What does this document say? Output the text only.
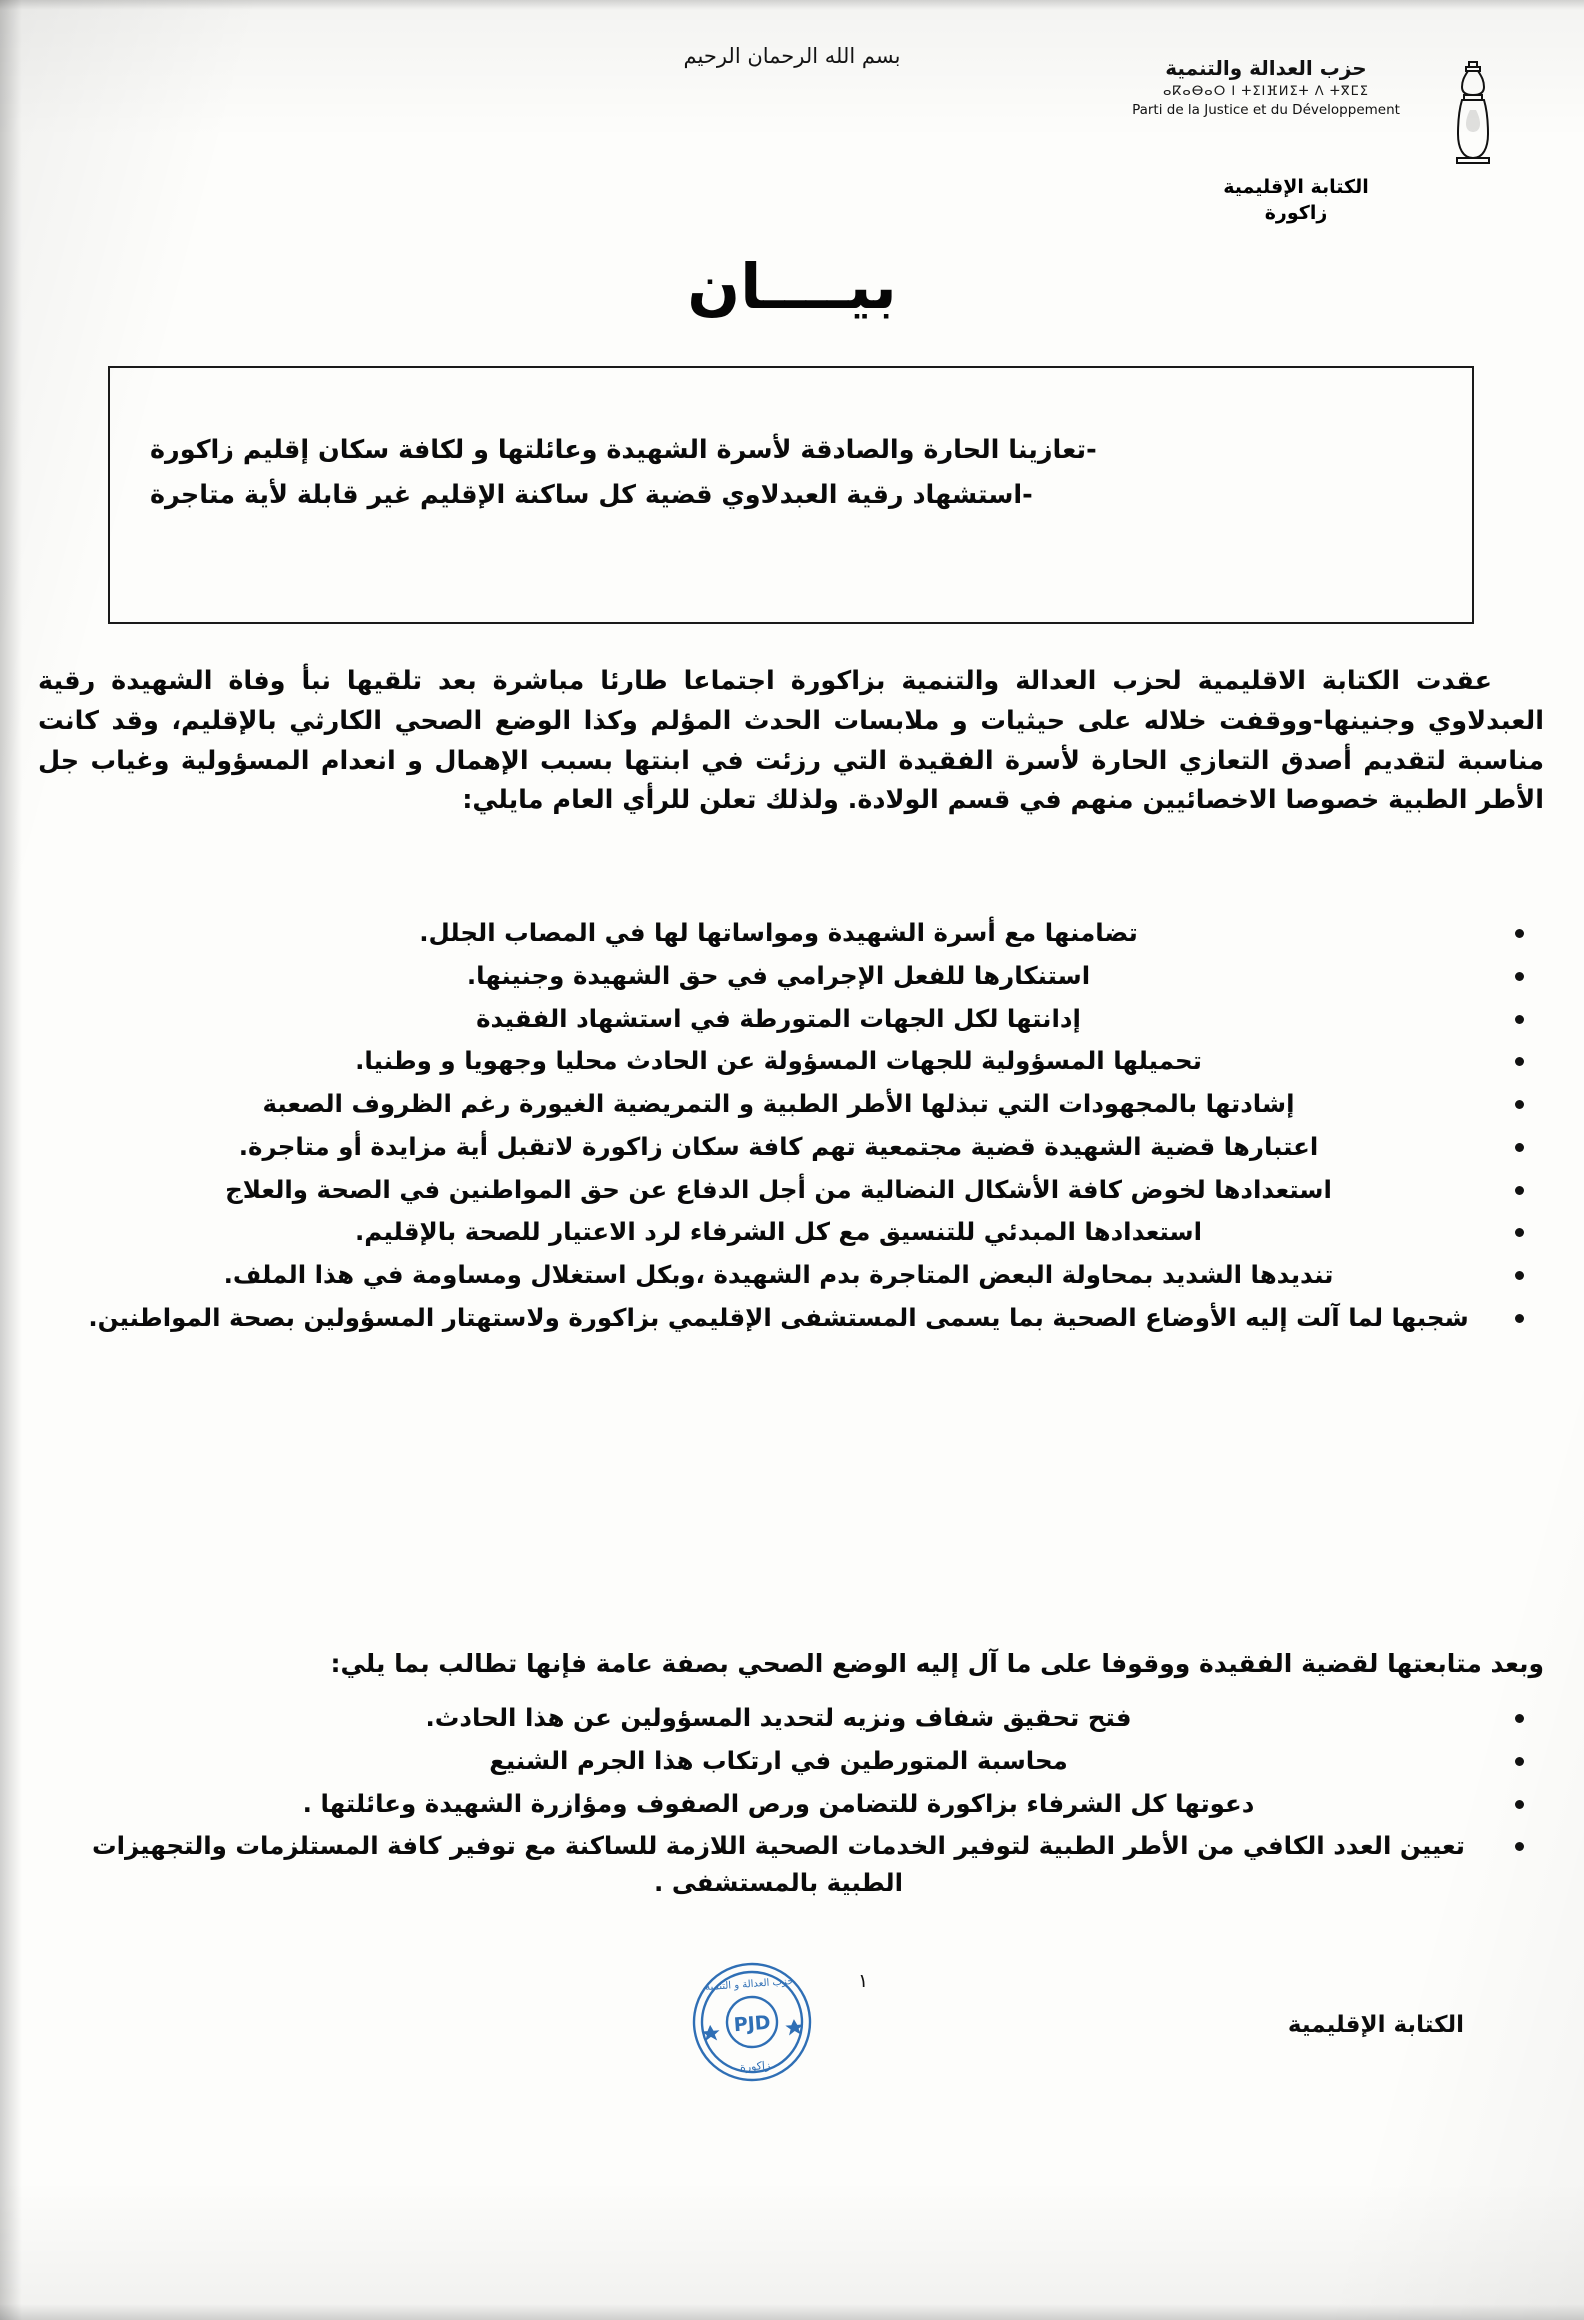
بسم الله الرحمان الرحيم	حزب العدالة والتنمية
ⴰⴽⴰⴱⴰⵔ ⵏ ⵜⵉⵏⴼⵍⵉⵜ ⴷ ⵜⴳⵎⵉ
Parti de la Justice et du Développement
الكتابة الإقليمية
زاكورة
بيــــان
-
تعازينا الحارة والصادقة لأسرة الشهيدة وعائلتها و لكافة سكان إقليم زاكورة
-
استشهاد رقية العبدلاوي قضية كل ساكنة الإقليم غير قابلة لأية متاجرة
عقدت الكتابة الاقليمية لحزب العدالة والتنمية بزاكورة اجتماعا طارئا مباشرة بعد تلقيها نبأ وفاة الشهيدة رقية العبدلاوي وجنينها-ووقفت خلاله على حيثيات و ملابسات الحدث المؤلم وكذا الوضع الصحي الكارثي بالإقليم، وقد كانت مناسبة لتقديم أصدق التعازي الحارة لأسرة الفقيدة التي رزئت في ابنتها بسبب الإهمال و انعدام المسؤولية وغياب جل الأطر الطبية خصوصا الاخصائيين منهم في قسم الولادة. ولذلك تعلن للرأي العام مايلي:
تضامنها مع أسرة الشهيدة ومواساتها لها في المصاب الجلل.
استنكارها للفعل الإجرامي في حق الشهيدة وجنينها.
إدانتها لكل الجهات المتورطة في استشهاد الفقيدة
تحميلها المسؤولية للجهات المسؤولة عن الحادث محليا وجهويا و وطنيا.
إشادتها بالمجهودات التي تبذلها الأطر الطبية و التمريضية الغيورة رغم الظروف الصعبة
اعتبارها قضية الشهيدة قضية مجتمعية تهم كافة سكان زاكورة لاتقبل أية مزايدة أو متاجرة.
استعدادها لخوض كافة الأشكال النضالية من أجل الدفاع عن حق المواطنين في الصحة والعلاج
استعدادها المبدئي للتنسيق مع كل الشرفاء لرد الاعتيار للصحة بالإقليم.
تنديدها الشديد بمحاولة البعض المتاجرة بدم الشهيدة ،وبكل استغلال ومساومة في هذا الملف.
شجبها لما آلت إليه الأوضاع الصحية بما يسمى المستشفى الإقليمي بزاكورة ولاستهتار المسؤولين بصحة المواطنين.
وبعد متابعتها لقضية الفقيدة ووقوفا على ما آل إليه الوضع الصحي بصفة عامة فإنها تطالب بما يلي:
فتح تحقيق شفاف ونزيه لتحديد المسؤولين عن هذا الحادث.
محاسبة المتورطين في ارتكاب هذا الجرم الشنيع
دعوتها كل الشرفاء بزاكورة للتضامن ورص الصفوف ومؤازرة الشهيدة وعائلتها .
تعيين العدد الكافي من الأطر الطبية لتوفير الخدمات الصحية اللازمة للساكنة مع توفير كافة المستلزمات والتجهيزات الطبية بالمستشفى .
الكتابة الإقليمية
١
PJD
حزب العدالة و التنمية
زاكورة
